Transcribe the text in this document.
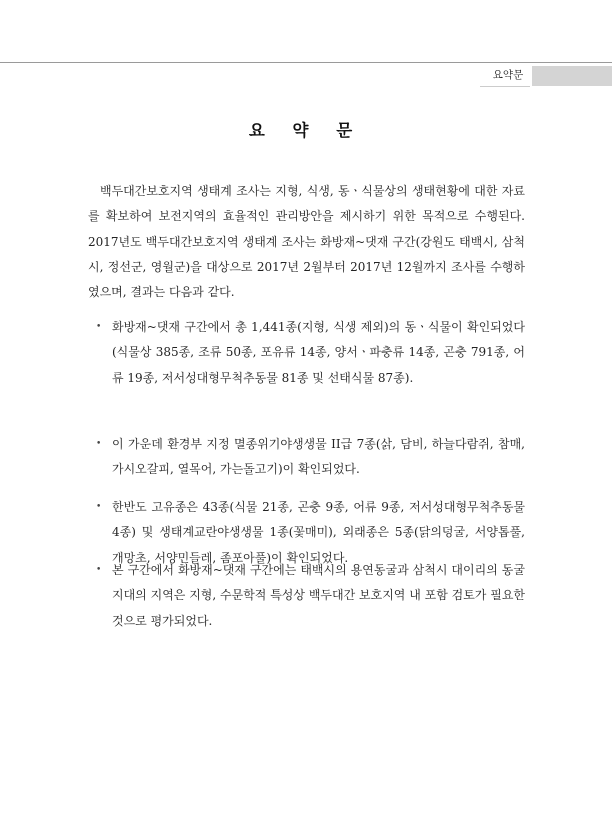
요약문
요 약 문

백두대간보호지역 생태계 조사는 지형, 식생, 동ㆍ식물상의 생태현황에 대한 자료를 확보하여 보전지역의 효율적인 관리방안을 제시하기 위한 목적으로 수행된다. 2017년도 백두대간보호지역 생태계 조사는 화방재~댓재 구간(강원도 태백시, 삼척시, 정선군, 영월군)을 대상으로 2017년 2월부터 2017년 12월까지 조사를 수행하였으며, 결과는 다음과 같다.

• 화방재~댓재 구간에서 총 1,441종(지형, 식생 제외)의 동ㆍ식물이 확인되었다(식물상 385종, 조류 50종, 포유류 14종, 양서ㆍ파충류 14종, 곤충 791종, 어류 19종, 저서성대형무척추동물 81종 및 선태식물 87종).

• 이 가운데 환경부 지정 멸종위기야생생물 II급 7종(삵, 담비, 하늘다람쥐, 참매, 가시오갈피, 열목어, 가는돌고기)이 확인되었다.

• 한반도 고유종은 43종(식물 21종, 곤충 9종, 어류 9종, 저서성대형무척추동물 4종) 및 생태계교란야생생물 1종(꽃매미), 외래종은 5종(닭의덩굴, 서양톱풀, 개망초, 서양민들레, 좀포아풀)이 확인되었다.

• 본 구간에서 화방재~댓재 구간에는 태백시의 용연동굴과 삼척시 대이리의 동굴지대의 지역은 지형, 수문학적 특성상 백두대간 보호지역 내 포함 검토가 필요한 것으로 평가되었다.
